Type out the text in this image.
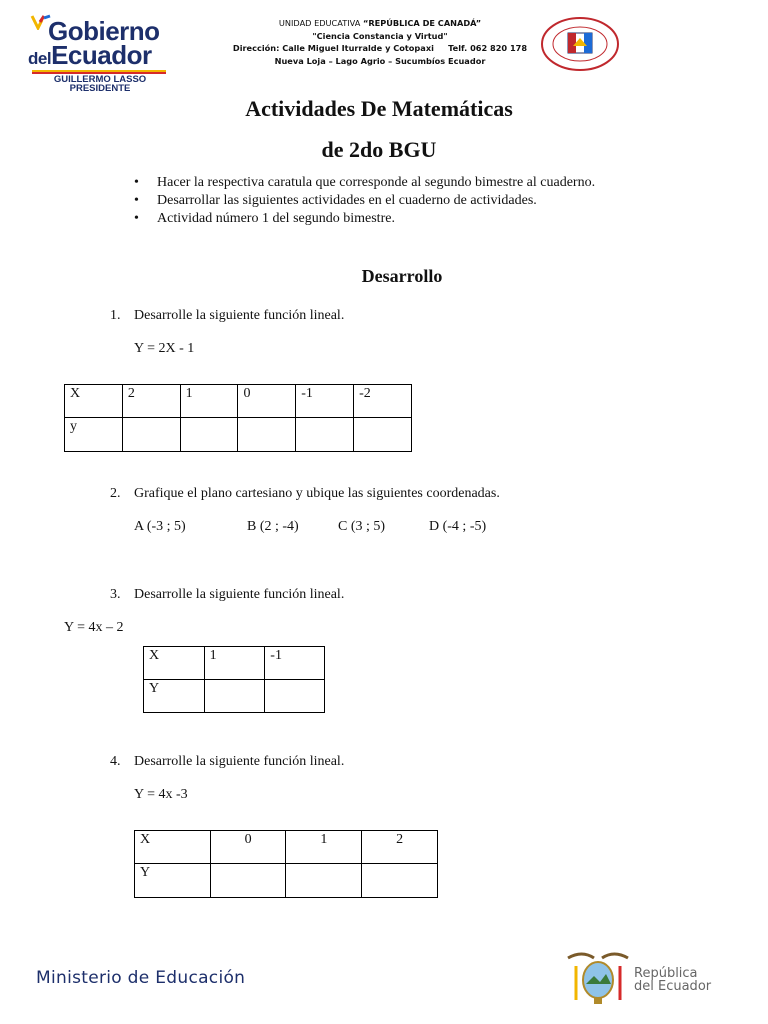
Gobierno
delEcuador
GUILLERMO LASSO
PRESIDENTE
UNIDAD EDUCATIVA “REPÚBLICA DE CANADÁ”
"Ciencia Constancia y Virtud"
Dirección: Calle Miguel Iturralde y Cotopaxi     Telf. 062 820 178
Nueva Loja – Lago Agrio – Sucumbíos Ecuador
Actividades De Matemáticas
de 2do BGU
• Hacer la respectiva caratula que corresponde al segundo bimestre al cuaderno.
• Desarrollar las siguientes actividades en el cuaderno de actividades.
• Actividad número 1 del segundo bimestre.
Desarrollo
1. Desarrolle la siguiente función lineal.
Y = 2X - 1
X	2	1	0	-1	-2
y					
2. Grafique el plano cartesiano y ubique las siguientes coordenadas.
A (-3 ; 5)	B (2 ; -4)	C (3 ; 5)	D (-4 ; -5)
3. Desarrolle la siguiente función lineal.
Y = 4x – 2
X	1	-1
Y		
4. Desarrolle la siguiente función lineal.
Y = 4x -3
X	0	1	2
Y			
Ministerio de Educación	República
del Ecuador
